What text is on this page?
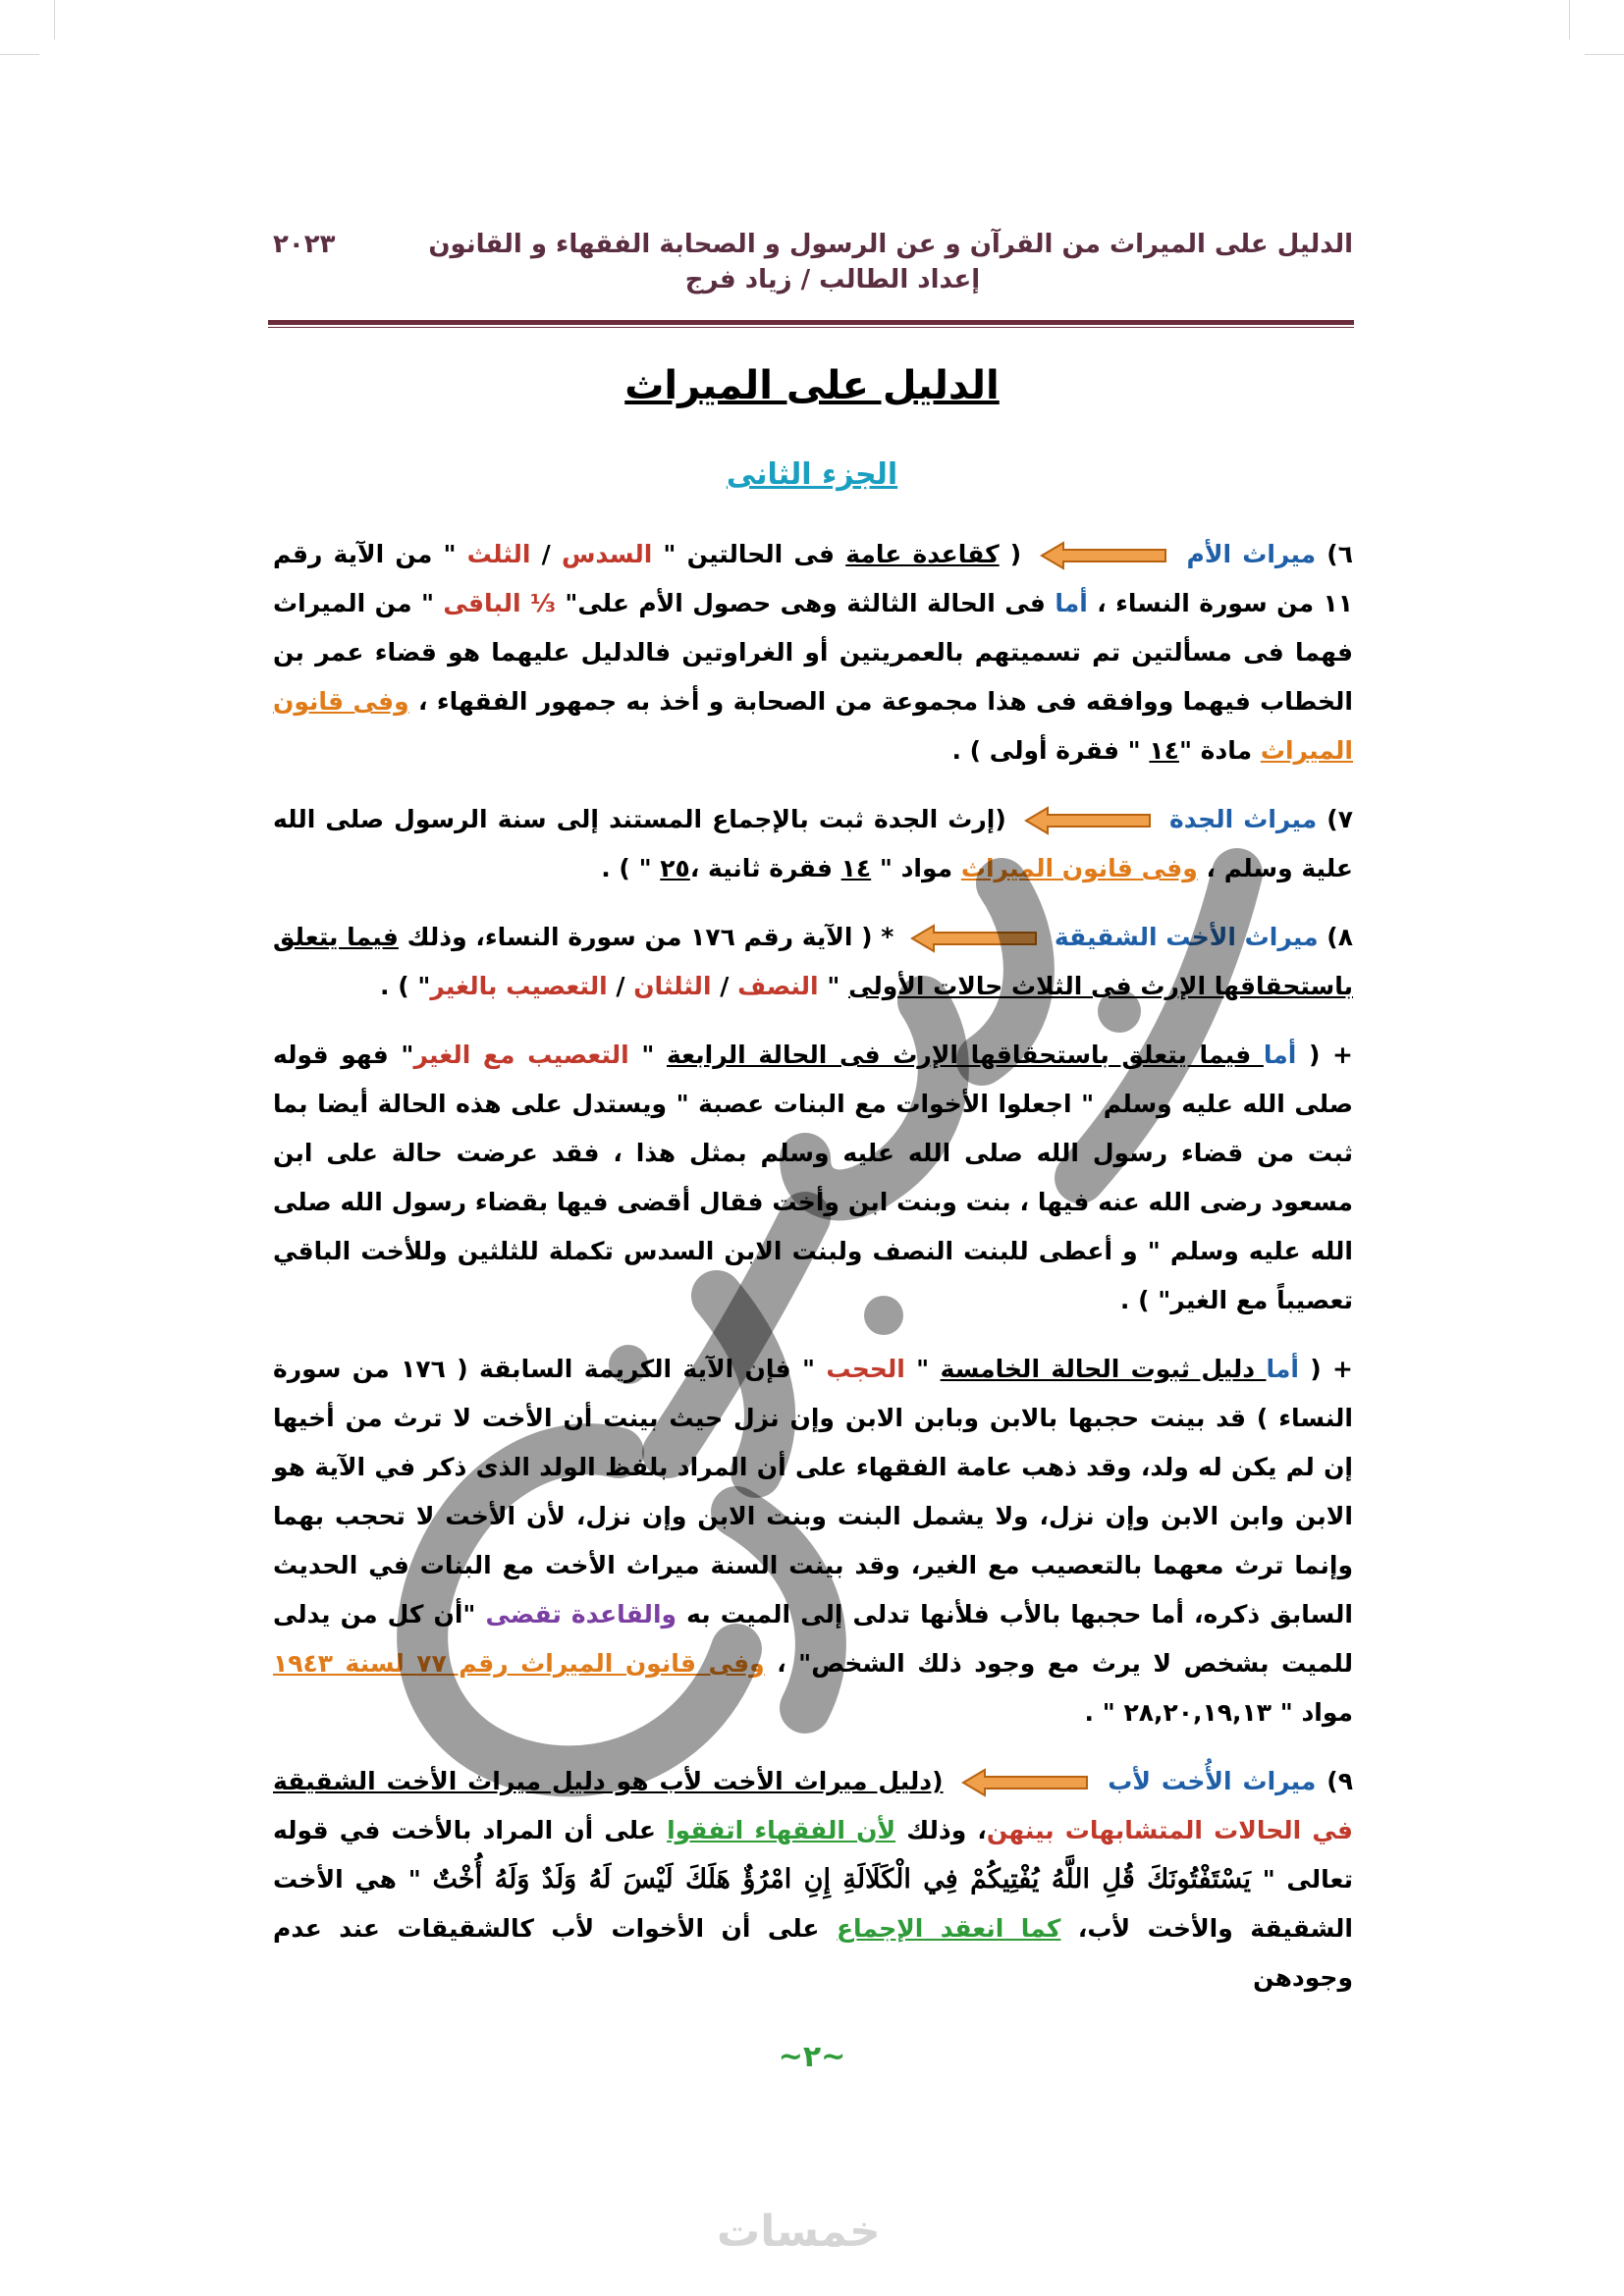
الدليل على الميراث من القرآن و عن الرسول و الصحابة الفقهاء و القانون
٢٠٢٣
إعداد الطالب / زياد فرج
الدليل على الميراث
الجزء الثانى

٦) ميراث الأم
( كقاعدة عامة فى الحالتين " السدس / الثلث " من الآية رقم ١١ من سورة النساء ، أما فى الحالة الثالثة وهى حصول الأم على" ⅓ الباقى " من الميراث فهما فى مسألتين تم تسميتهم بالعمريتين أو الغراوتين فالدليل عليهما هو قضاء عمر بن الخطاب فيهما ووافقه فى هذا مجموعة من الصحابة و أخذ به جمهور الفقهاء ، وفى قانون الميراث مادة "١٤ " فقرة أولى ) .

٧) ميراث الجدة
(إرث الجدة ثبت بالإجماع المستند إلى سنة الرسول صلى الله علية وسلم ، وفى قانون الميراث مواد " ١٤ فقرة ثانية ،٢٥ " ) .

٨) ميراث الأخت الشقيقة
* ( الآية رقم ١٧٦ من سورة النساء، وذلك فيما يتعلق باستحقاقها الإرث فى الثلاث حالات الأولى " النصف / الثلثان / التعصيب بالغير" ) .

+ ( أما فيما يتعلق باستحقاقها الإرث فى الحالة الرابعة " التعصيب مع الغير" فهو قوله صلى الله عليه وسلم " اجعلوا الأخوات مع البنات عصبة " ويستدل على هذه الحالة أيضا بما ثبت من قضاء رسول الله صلى الله عليه وسلم بمثل هذا ، فقد عرضت حالة على ابن مسعود رضى الله عنه فيها ، بنت وبنت ابن وأخت فقال أقضى فيها بقضاء رسول الله صلى الله عليه وسلم " و أعطى للبنت النصف ولبنت الابن السدس تكملة للثلثين وللأخت الباقي تعصيباً مع الغير" ) .

+ ( أما دليل ثبوت الحالة الخامسة " الحجب " فإن الآية الكريمة السابقة ( ١٧٦ من سورة النساء ) قد بينت حجبها بالابن وبابن الابن وإن نزل حيث بينت أن الأخت لا ترث من أخيها إن لم يكن له ولد، وقد ذهب عامة الفقهاء على أن المراد بلفظ الولد الذى ذكر في الآية هو الابن وابن الابن وإن نزل، ولا يشمل البنت وبنت الابن وإن نزل، لأن الأخت لا تحجب بهما وإنما ترث معهما بالتعصيب مع الغير، وقد بينت السنة ميراث الأخت مع البنات في الحديث السابق ذكره، أما حجبها بالأب فلأنها تدلى إلى الميت به والقاعدة تقضى "أن كل من يدلى للميت بشخص لا يرث مع وجود ذلك الشخص" ، وفى قانون الميراث رقم ٧٧ لسنة ١٩٤٣ مواد " ٢٨,٢٠,١٩,١٣ " .

٩) ميراث الأُخت لأب
(دليل ميراث الأخت لأب هو دليل ميراث الأخت الشقيقة في الحالات المتشابهات بينهن، وذلك لأن الفقهاء اتفقوا على أن المراد بالأخت في قوله تعالى " يَسْتَفْتُونَكَ قُلِ اللَّهُ يُفْتِيكُمْ فِي الْكَلَالَةِ إِنِ امْرُؤٌ هَلَكَ لَيْسَ لَهُ وَلَدٌ وَلَهُ أُخْتٌ " هي الأخت الشقيقة والأخت لأب، كما انعقد الإجماع على أن الأخوات لأب كالشقيقات عند عدم وجودهن

~٢~
خمسات
